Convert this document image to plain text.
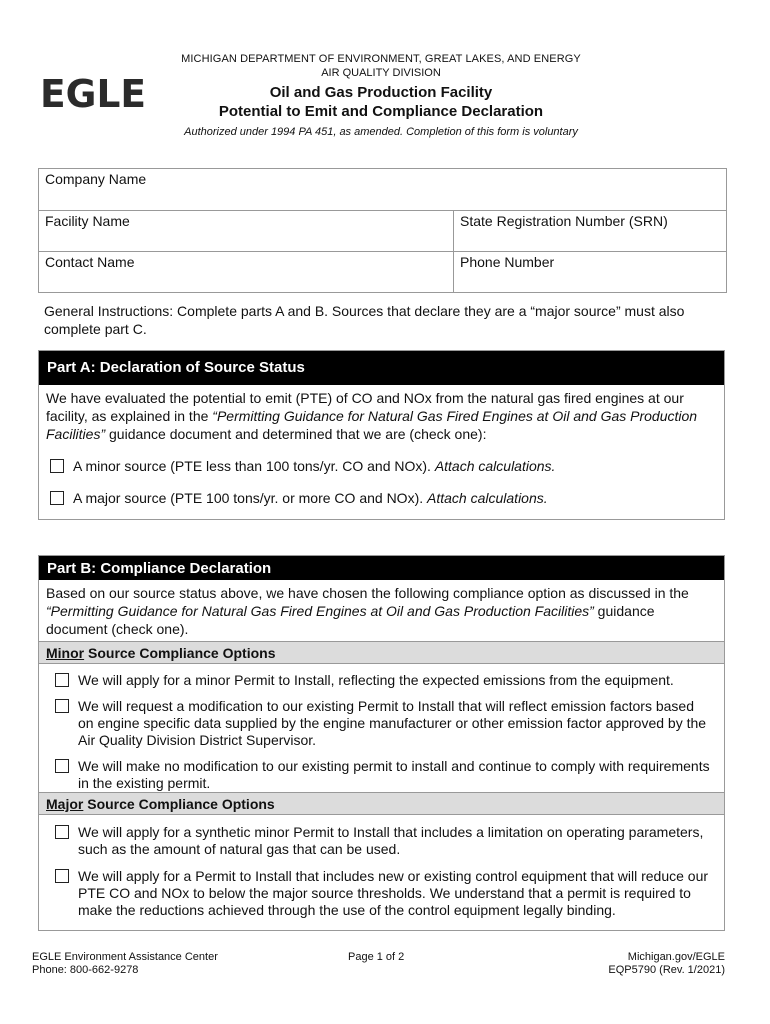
EGLE
MICHIGAN DEPARTMENT OF ENVIRONMENT, GREAT LAKES, AND ENERGY
AIR QUALITY DIVISION
Oil and Gas Production Facility
Potential to Emit and Compliance Declaration
Authorized under 1994 PA 451, as amended. Completion of this form is voluntary
Company Name
Facility Name	State Registration Number (SRN)
Contact Name	Phone Number
General Instructions: Complete parts A and B. Sources that declare they are a “major source” must also complete part C.
Part A: Declaration of Source Status
We have evaluated the potential to emit (PTE) of CO and NOx from the natural gas fired engines at our facility, as explained in the “Permitting Guidance for Natural Gas Fired Engines at Oil and Gas Production Facilities” guidance document and determined that we are (check one):
A minor source (PTE less than 100 tons/yr. CO and NOx). Attach calculations.
A major source (PTE 100 tons/yr. or more CO and NOx). Attach calculations.
Part B: Compliance Declaration
Based on our source status above, we have chosen the following compliance option as discussed in the “Permitting Guidance for Natural Gas Fired Engines at Oil and Gas Production Facilities” guidance document (check one).
Minor Source Compliance Options
We will apply for a minor Permit to Install, reflecting the expected emissions from the equipment.
We will request a modification to our existing Permit to Install that will reflect emission factors based on engine specific data supplied by the engine manufacturer or other emission factor approved by the Air Quality Division District Supervisor.
We will make no modification to our existing permit to install and continue to comply with requirements in the existing permit.
Major Source Compliance Options
We will apply for a synthetic minor Permit to Install that includes a limitation on operating parameters, such as the amount of natural gas that can be used.
We will apply for a Permit to Install that includes new or existing control equipment that will reduce our PTE CO and NOx to below the major source thresholds. We understand that a permit is required to make the reductions achieved through the use of the control equipment legally binding.
EGLE Environment Assistance Center
Phone: 800-662-9278
Page 1 of 2	Michigan.gov/EGLE
EQP5790 (Rev. 1/2021)
